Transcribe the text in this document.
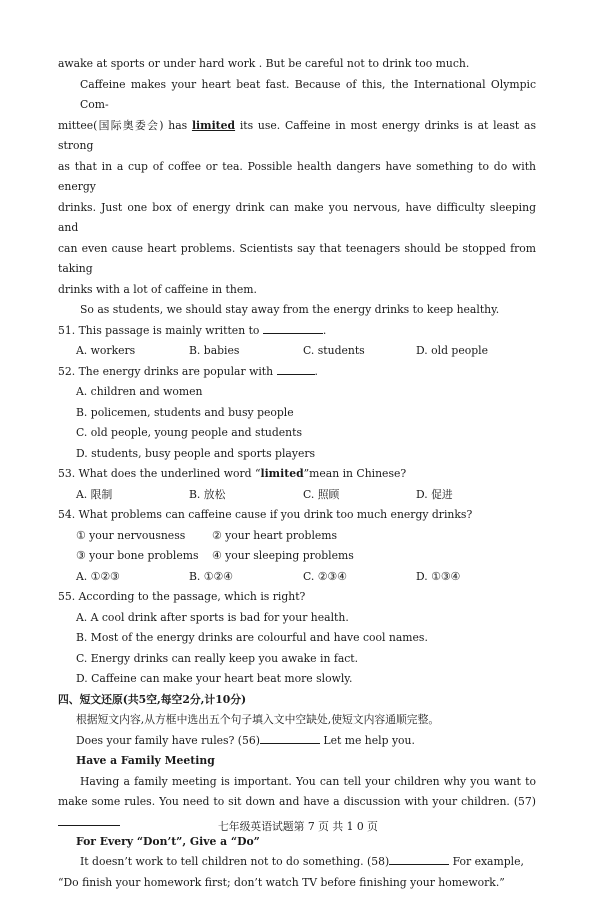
awake at sports or under hard work . But be careful not to drink too much.
Caffeine makes your heart beat fast. Because of this, the International Olympic Com-
mittee(国际奥委会) has limited its use. Caffeine in most energy drinks is at least as strong
as that in a cup of coffee or tea. Possible health dangers have something to do with energy
drinks. Just one box of energy drink can make you nervous, have difficulty sleeping and
can even cause heart problems. Scientists say that teenagers should be stopped from taking
drinks with a lot of caffeine in them.
So as students, we should stay away from the energy drinks to keep healthy.
51. This passage is mainly written to	.
A. workers	B. babies	C. students	D. old people
52. The energy drinks are popular with	.
A. children and women
B. policemen, students and busy people
C. old people, young people and students
D. students, busy people and sports players
53. What does the underlined word “limited”mean in Chinese?
A. 限制	B. 放松	C. 照顾	D. 促进
54. What problems can caffeine cause if you drink too much energy drinks?
① your nervousness ② your heart problems
③ your bone problems ④ your sleeping problems
A. ①②③	B. ①②④	C. ②③④	D. ①③④
55. According to the passage, which is right?
A. A cool drink after sports is bad for your health.
B. Most of the energy drinks are colourful and have cool names.
C. Energy drinks can really keep you awake in fact.
D. Caffeine can make your heart beat more slowly.
四、短文还原(共5空,每空2分,计10分)
根据短文内容,从方框中选出五个句子填入文中空缺处,使短文内容通顺完整。
Does your family have rules? (56)	Let me help you.
Have a Family Meeting
Having a family meeting is important. You can tell your children why you want to
make some rules. You need to sit down and have a discussion with your children. (57)
For Every “Don’t”, Give a “Do”
It doesn’t work to tell children not to do something. (58)	For example,
“Do finish your homework first; don’t watch TV before finishing your homework.”
七年级英语试题第 7 页 共 1 0 页
